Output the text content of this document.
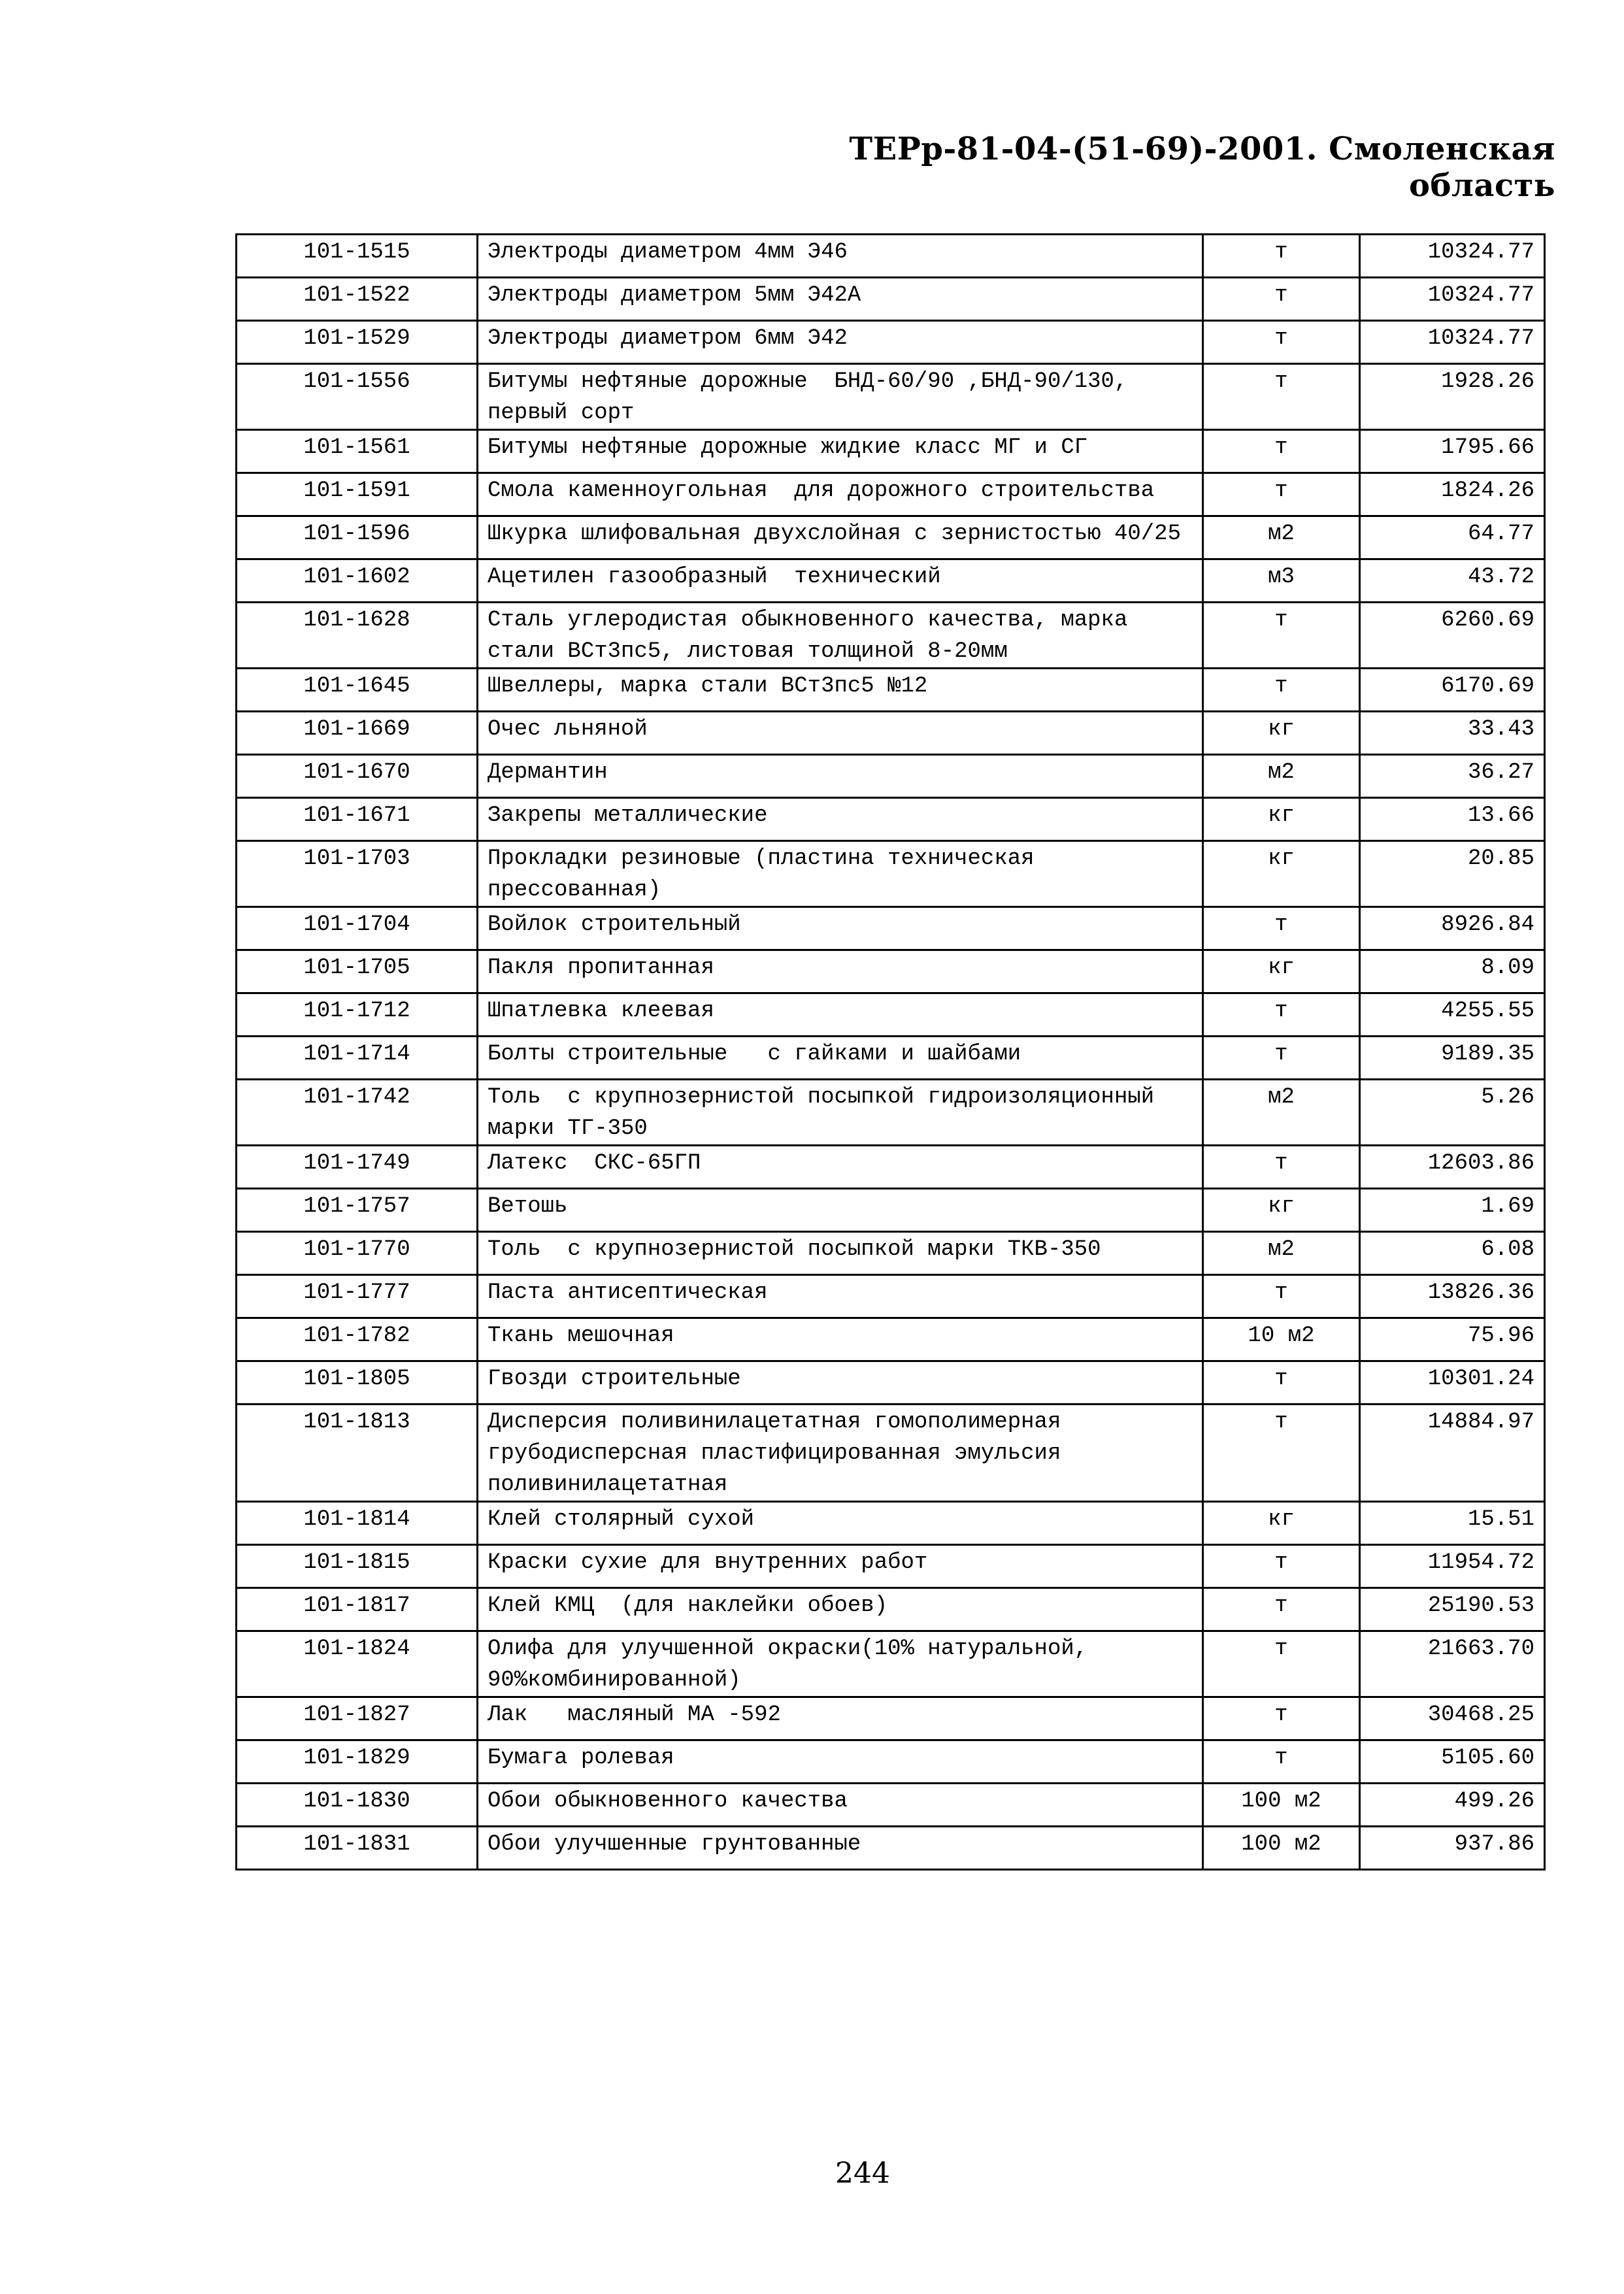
ТЕРр-81-04-(51-69)-2001. Смоленская область
101-1515	Электроды диаметром 4мм Э46	т	10324.77
101-1522	Электроды диаметром 5мм Э42А	т	10324.77
101-1529	Электроды диаметром 6мм Э42	т	10324.77
101-1556	Битумы нефтяные дорожные  БНД-60/90 ,БНД-90/130, первый сорт	т	1928.26
101-1561	Битумы нефтяные дорожные жидкие класс МГ и СГ	т	1795.66
101-1591	Смола каменноугольная  для дорожного строительства	т	1824.26
101-1596	Шкурка шлифовальная двухслойная с зернистостью 40/25	м2	64.77
101-1602	Ацетилен газообразный  технический	м3	43.72
101-1628	Сталь углеродистая обыкновенного качества, марка стали ВСт3пс5, листовая толщиной 8-20мм	т	6260.69
101-1645	Швеллеры, марка стали ВСт3пс5 №12	т	6170.69
101-1669	Очес льняной	кг	33.43
101-1670	Дермантин	м2	36.27
101-1671	Закрепы металлические	кг	13.66
101-1703	Прокладки резиновые (пластина техническая прессованная)	кг	20.85
101-1704	Войлок строительный	т	8926.84
101-1705	Пакля пропитанная	кг	8.09
101-1712	Шпатлевка клеевая	т	4255.55
101-1714	Болты строительные   с гайками и шайбами	т	9189.35
101-1742	Толь  с крупнозернистой посыпкой гидроизоляционный марки ТГ-350	м2	5.26
101-1749	Латекс  СКС-65ГП	т	12603.86
101-1757	Ветошь	кг	1.69
101-1770	Толь  с крупнозернистой посыпкой марки ТКВ-350	м2	6.08
101-1777	Паста антисептическая	т	13826.36
101-1782	Ткань мешочная	10 м2	75.96
101-1805	Гвозди строительные	т	10301.24
101-1813	Дисперсия поливинилацетатная гомополимерная грубодисперсная пластифицированная эмульсия поливинилацетатная	т	14884.97
101-1814	Клей столярный сухой	кг	15.51
101-1815	Краски сухие для внутренних работ	т	11954.72
101-1817	Клей КМЦ  (для наклейки обоев)	т	25190.53
101-1824	Олифа для улучшенной окраски(10% натуральной, 90%комбинированной)	т	21663.70
101-1827	Лак   масляный МА -592	т	30468.25
101-1829	Бумага ролевая	т	5105.60
101-1830	Обои обыкновенного качества	100 м2	499.26
101-1831	Обои улучшенные грунтованные	100 м2	937.86
244
